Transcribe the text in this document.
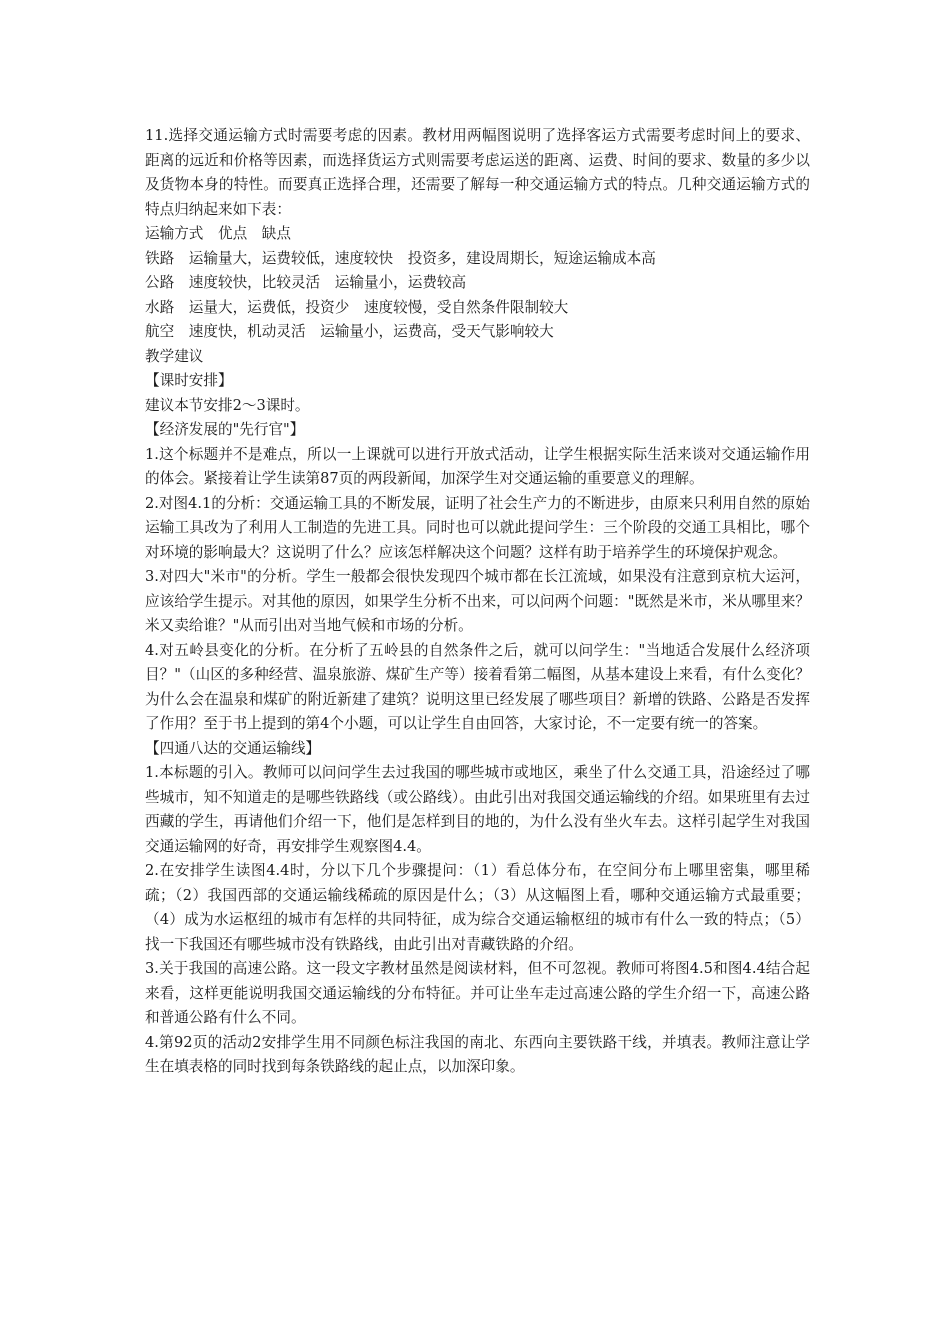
11.选择交通运输方式时需要考虑的因素。教材用两幅图说明了选择客运方式需要考虑时间上的要求、距离的远近和价格等因素，而选择货运方式则需要考虑运送的距离、运费、时间的要求、数量的多少以及货物本身的特性。而要真正选择合理，还需要了解每一种交通运输方式的特点。几种交通运输方式的特点归纳起来如下表：

运输方式 优点 缺点

铁路 运输量大，运费较低，速度较快 投资多，建设周期长，短途运输成本高

公路 速度较快，比较灵活 运输量小，运费较高

水路 运量大，运费低，投资少 速度较慢，受自然条件限制较大

航空 速度快，机动灵活 运输量小，运费高，受天气影响较大

教学建议

【课时安排】

建议本节安排2～3课时。

【经济发展的"先行官"】

1.这个标题并不是难点，所以一上课就可以进行开放式活动，让学生根据实际生活来谈对交通运输作用的体会。紧接着让学生读第87页的两段新闻，加深学生对交通运输的重要意义的理解。

2.对图4.1的分析：交通运输工具的不断发展，证明了社会生产力的不断进步，由原来只利用自然的原始运输工具改为了利用人工制造的先进工具。同时也可以就此提问学生：三个阶段的交通工具相比，哪个对环境的影响最大？这说明了什么？应该怎样解决这个问题？这样有助于培养学生的环境保护观念。

3.对四大"米市"的分析。学生一般都会很快发现四个城市都在长江流域，如果没有注意到京杭大运河，应该给学生提示。对其他的原因，如果学生分析不出来，可以问两个问题："既然是米市，米从哪里来？米又卖给谁？"从而引出对当地气候和市场的分析。

4.对五岭县变化的分析。在分析了五岭县的自然条件之后，就可以问学生："当地适合发展什么经济项目？"（山区的多种经营、温泉旅游、煤矿生产等）接着看第二幅图，从基本建设上来看，有什么变化？为什么会在温泉和煤矿的附近新建了建筑？说明这里已经发展了哪些项目？新增的铁路、公路是否发挥了作用？至于书上提到的第4个小题，可以让学生自由回答，大家讨论，不一定要有统一的答案。

【四通八达的交通运输线】

1.本标题的引入。教师可以问问学生去过我国的哪些城市或地区，乘坐了什么交通工具，沿途经过了哪些城市，知不知道走的是哪些铁路线（或公路线）。由此引出对我国交通运输线的介绍。如果班里有去过西藏的学生，再请他们介绍一下，他们是怎样到目的地的，为什么没有坐火车去。这样引起学生对我国交通运输网的好奇，再安排学生观察图4.4。

2.在安排学生读图4.4时，分以下几个步骤提问：（1）看总体分布，在空间分布上哪里密集，哪里稀疏；（2）我国西部的交通运输线稀疏的原因是什么；（3）从这幅图上看，哪种交通运输方式最重要；（4）成为水运枢纽的城市有怎样的共同特征，成为综合交通运输枢纽的城市有什么一致的特点；（5）找一下我国还有哪些城市没有铁路线，由此引出对青藏铁路的介绍。

3.关于我国的高速公路。这一段文字教材虽然是阅读材料，但不可忽视。教师可将图4.5和图4.4结合起来看，这样更能说明我国交通运输线的分布特征。并可让坐车走过高速公路的学生介绍一下，高速公路和普通公路有什么不同。

4.第92页的活动2安排学生用不同颜色标注我国的南北、东西向主要铁路干线，并填表。教师注意让学生在填表格的同时找到每条铁路线的起止点，以加深印象。
